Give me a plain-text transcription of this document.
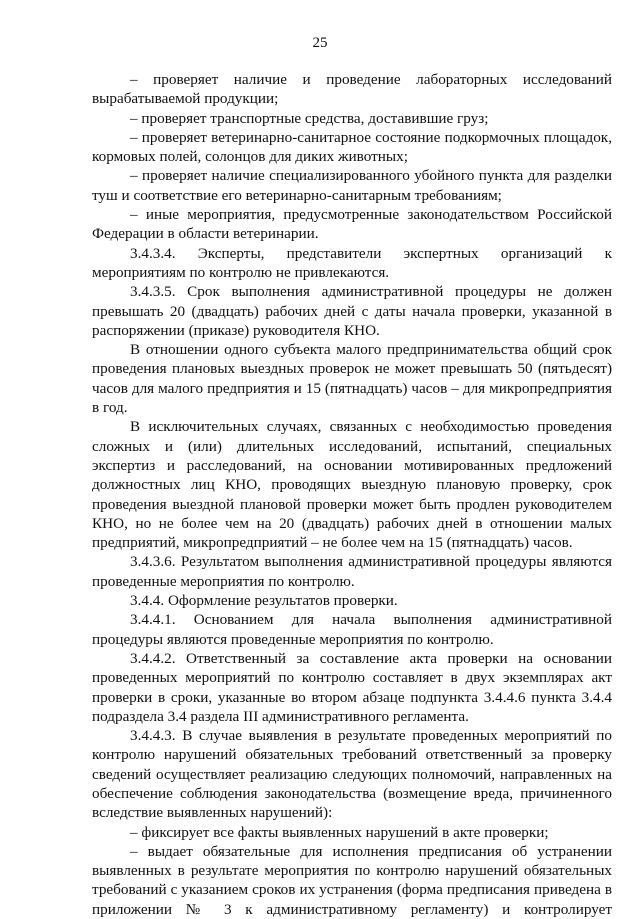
25

– проверяет наличие и проведение лабораторных исследований вырабатываемой продукции;

– проверяет транспортные средства, доставившие груз;

– проверяет ветеринарно-санитарное состояние подкормочных площадок, кормовых полей, солонцов для диких животных;

– проверяет наличие специализированного убойного пункта для разделки туш и соответствие его ветеринарно-санитарным требованиям;

– иные мероприятия, предусмотренные законодательством Российской Федерации в области ветеринарии.

3.4.3.4. Эксперты, представители экспертных организаций к мероприятиям по контролю не привлекаются.

3.4.3.5. Срок выполнения административной процедуры не должен превышать 20 (двадцать) рабочих дней с даты начала проверки, указанной в распоряжении (приказе) руководителя КНО.

В отношении одного субъекта малого предпринимательства общий срок проведения плановых выездных проверок не может превышать 50 (пятьдесят) часов для малого предприятия и 15 (пятнадцать) часов – для микропредприятия в год.

В исключительных случаях, связанных с необходимостью проведения сложных и (или) длительных исследований, испытаний, специальных экспертиз и расследований, на основании мотивированных предложений должностных лиц КНО, проводящих выездную плановую проверку, срок проведения выездной плановой проверки может быть продлен руководителем КНО, но не более чем на 20 (двадцать) рабочих дней в отношении малых предприятий, микропредприятий – не более чем на 15 (пятнадцать) часов.

3.4.3.6. Результатом выполнения административной процедуры являются проведенные мероприятия по контролю.

3.4.4. Оформление результатов проверки.

3.4.4.1. Основанием для начала выполнения административной процедуры являются проведенные мероприятия по контролю.

3.4.4.2. Ответственный за составление акта проверки на основании проведенных мероприятий по контролю составляет в двух экземплярах акт проверки в сроки, указанные во втором абзаце подпункта 3.4.4.6 пункта 3.4.4 подраздела 3.4 раздела III административного регламента.

3.4.4.3. В случае выявления в результате проведенных мероприятий по контролю нарушений обязательных требований ответственный за проверку сведений осуществляет реализацию следующих полномочий, направленных на обеспечение соблюдения законодательства (возмещение вреда, причиненного вследствие выявленных нарушений):

– фиксирует все факты выявленных нарушений в акте проверки;

– выдает обязательные для исполнения предписания об устранении выявленных в результате мероприятия по контролю нарушений обязательных требований с указанием сроков их устранения (форма предписания приведена в приложении № 3 к административному регламенту) и контролирует
